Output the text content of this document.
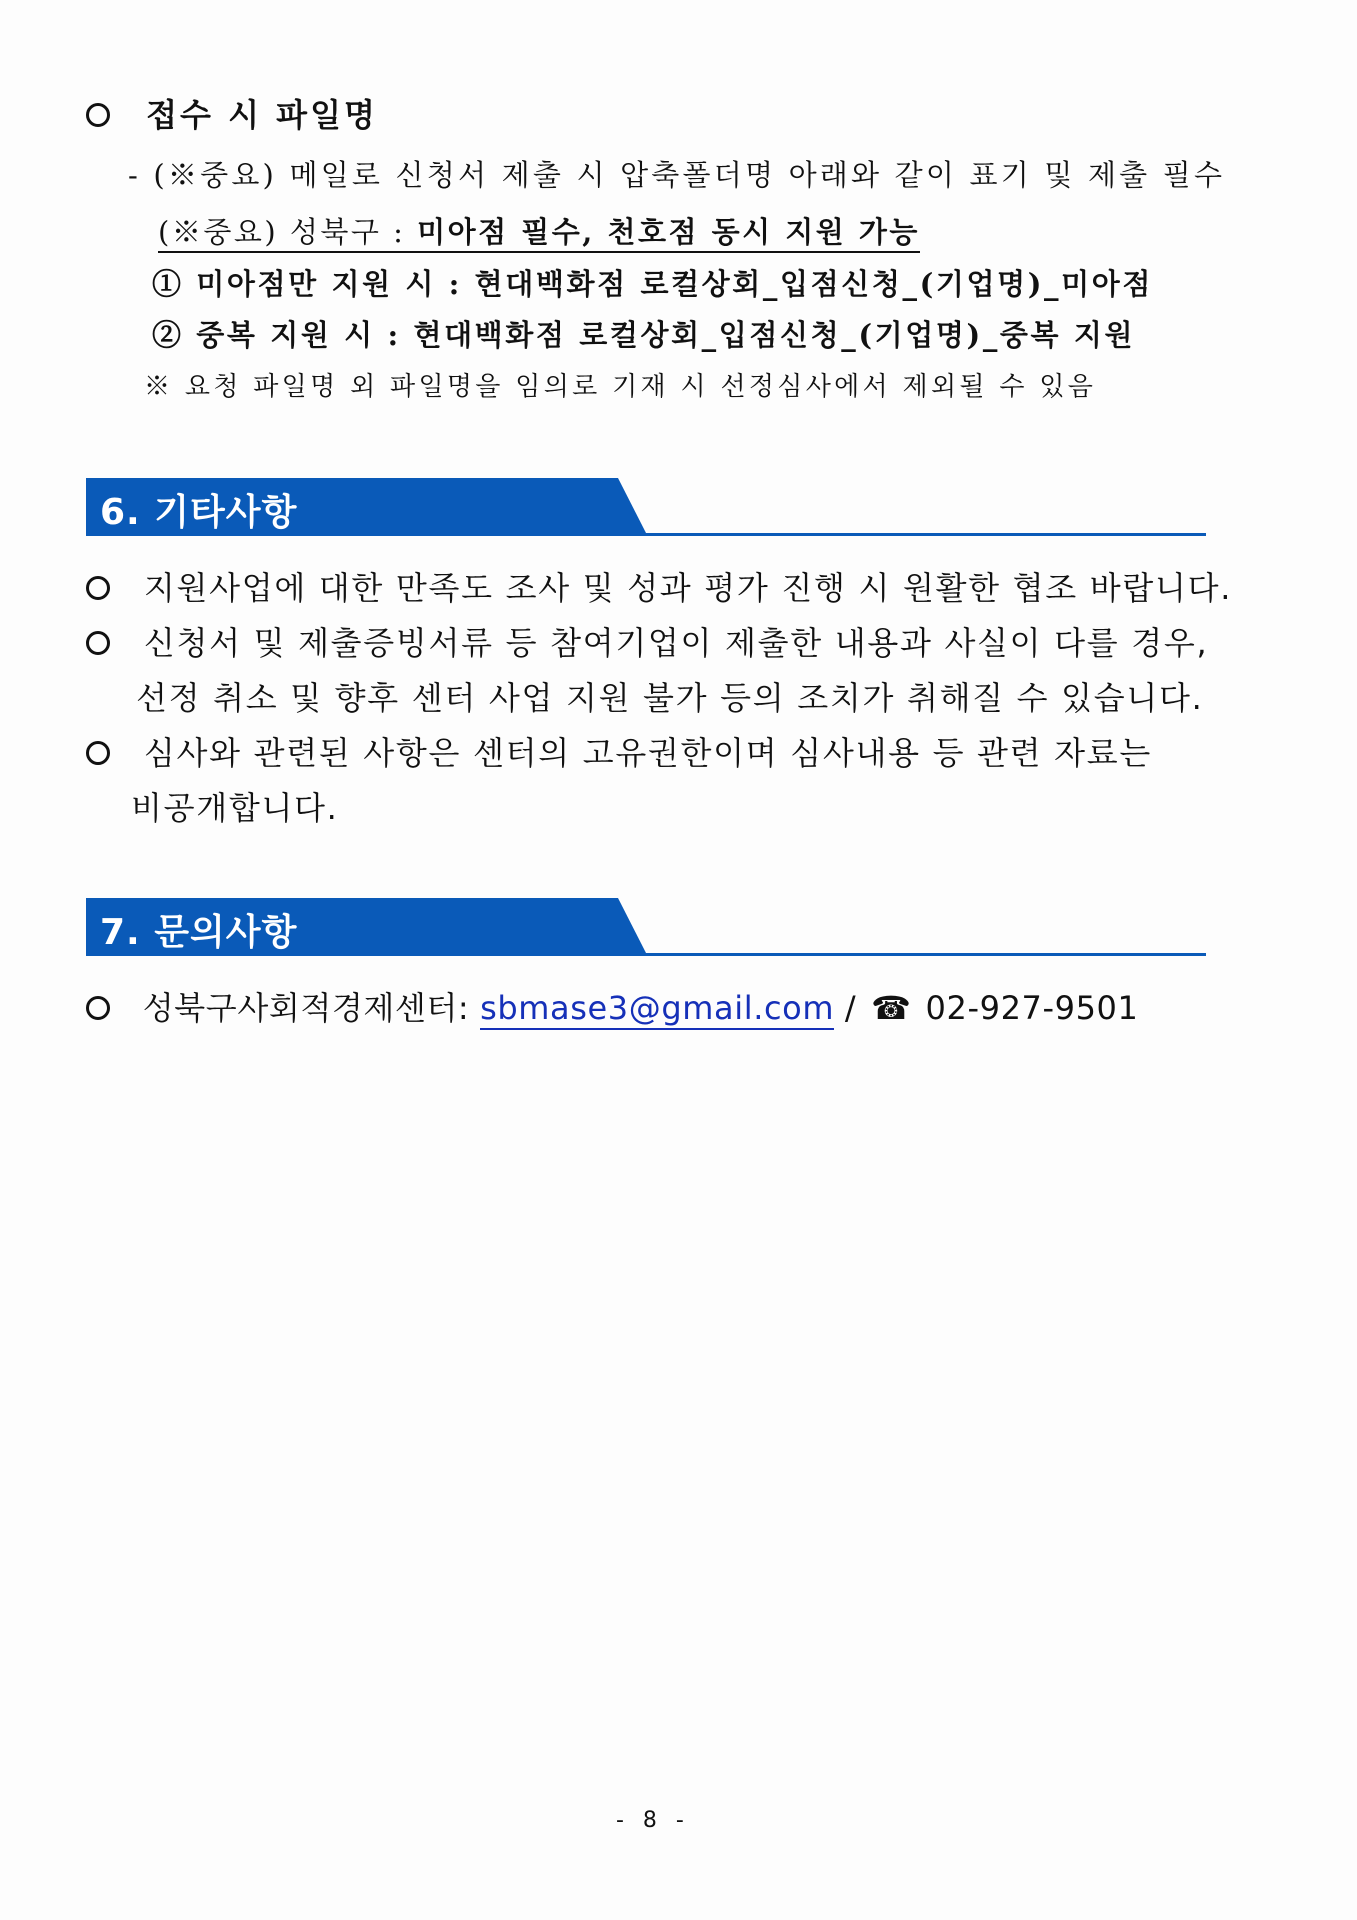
접수 시 파일명
- (※중요) 메일로 신청서 제출 시 압축폴더명 아래와 같이 표기 및 제출 필수
(※중요) 성북구 : 미아점 필수, 천호점 동시 지원 가능
① 미아점만 지원 시 : 현대백화점 로컬상회_입점신청_(기업명)_미아점
② 중복 지원 시 : 현대백화점 로컬상회_입점신청_(기업명)_중복 지원
※ 요청 파일명 외 파일명을 임의로 기재 시 선정심사에서 제외될 수 있음
6. 기타사항
지원사업에 대한 만족도 조사 및 성과 평가 진행 시 원활한 협조 바랍니다.
신청서 및 제출증빙서류 등 참여기업이 제출한 내용과 사실이 다를 경우,
선정 취소 및 향후 센터 사업 지원 불가 등의 조치가 취해질 수 있습니다.
심사와 관련된 사항은 센터의 고유권한이며 심사내용 등 관련 자료는
비공개합니다.
7. 문의사항
성북구사회적경제센터: sbmase3@gmail.com / ☎ 02-927-9501
- 8 -
